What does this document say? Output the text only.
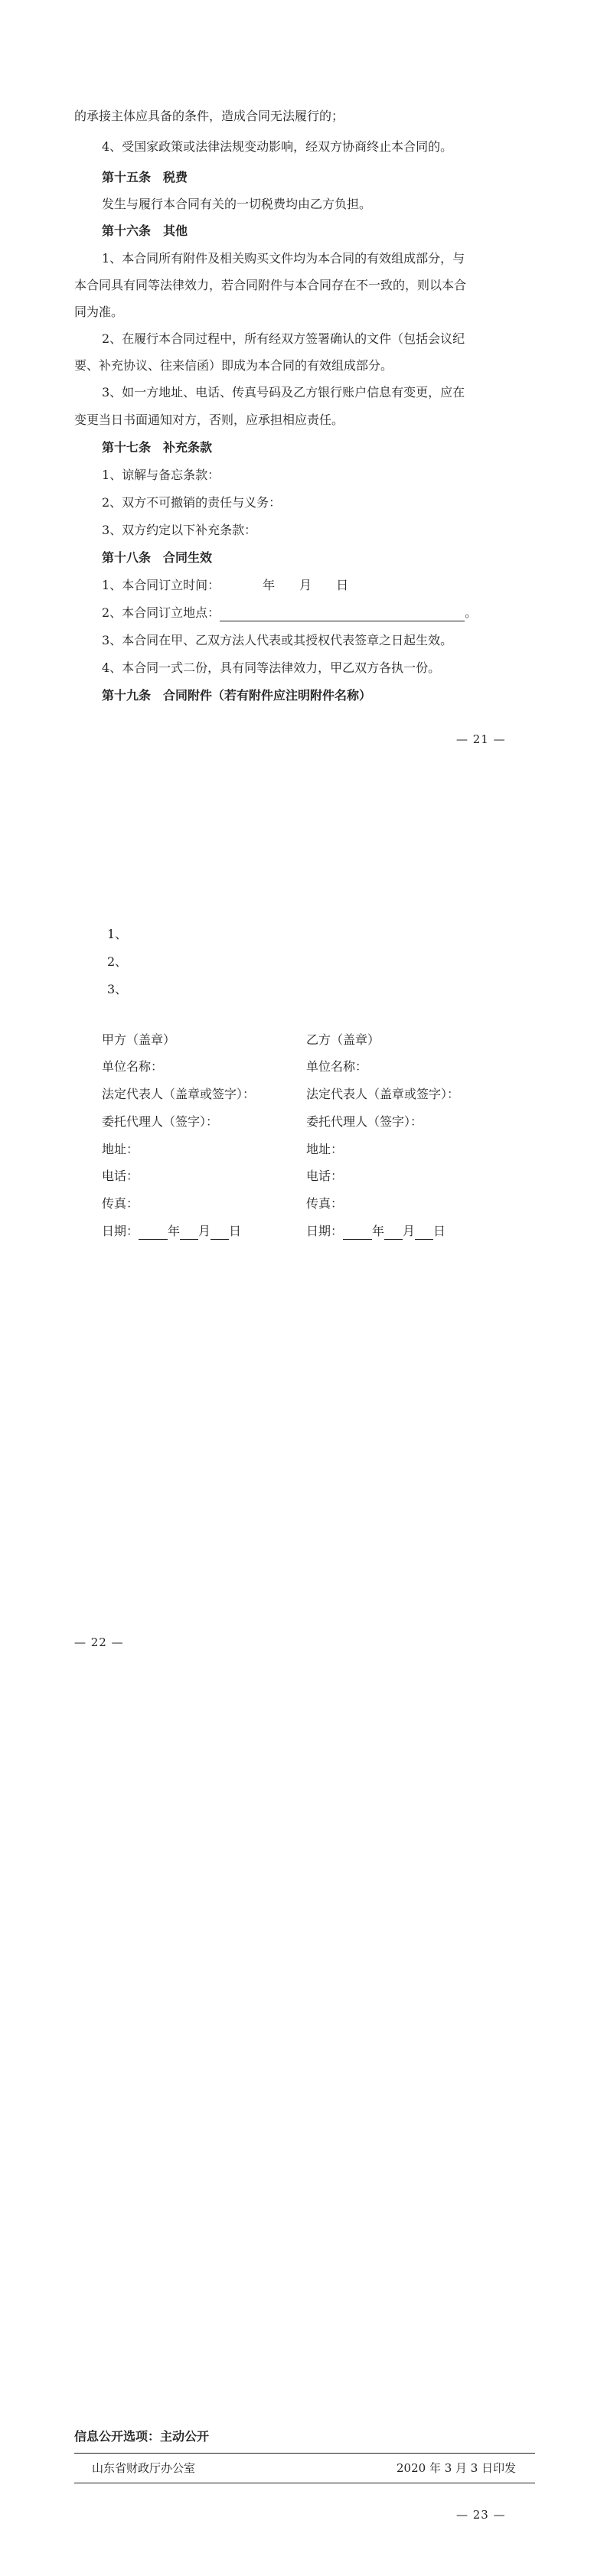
的承接主体应具备的条件，造成合同无法履行的；
4、受国家政策或法律法规变动影响，经双方协商终止本合同的。
第十五条　税费
发生与履行本合同有关的一切税费均由乙方负担。
第十六条　其他
1、本合同所有附件及相关购买文件均为本合同的有效组成部分，与
本合同具有同等法律效力，若合同附件与本合同存在不一致的，则以本合
同为准。
2、在履行本合同过程中，所有经双方签署确认的文件（包括会议纪
要、补充协议、往来信函）即成为本合同的有效组成部分。
3、如一方地址、电话、传真号码及乙方银行账户信息有变更，应在
变更当日书面通知对方，否则，应承担相应责任。
第十七条　补充条款
1、谅解与备忘条款：
2、双方不可撤销的责任与义务：
3、双方约定以下补充条款：
第十八条　合同生效
1、本合同订立时间：　　　　年　　月　　日
2、本合同订立地点：	。
3、本合同在甲、乙双方法人代表或其授权代表签章之日起生效。
4、本合同一式二份，具有同等法律效力，甲乙双方各执一份。
第十九条　合同附件（若有附件应注明附件名称）
— 21 —
1、
2、
3、
甲方（盖章）
单位名称：
法定代表人（盖章或签字）：
委托代理人（签字）：
地址：
电话：
传真：
日期： 年 月 日
乙方（盖章）
单位名称：
法定代表人（盖章或签字）：
委托代理人（签字）：
地址：
电话：
传真：
日期： 年 月 日
— 22 —
信息公开选项：主动公开
山东省财政厅办公室	2020 年 3 月 3 日印发
— 23 —
